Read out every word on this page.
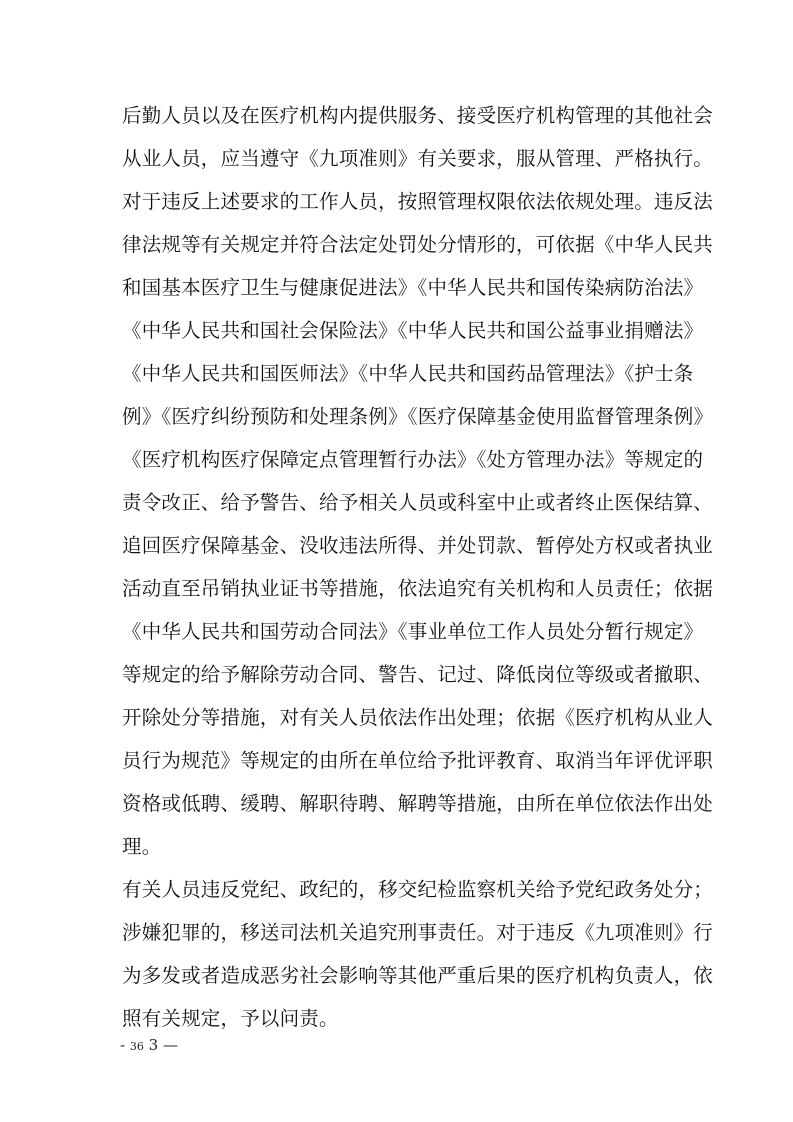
后勤人员以及在医疗机构内提供服务、接受医疗机构管理的其他社会
从业人员，应当遵守《九项准则》有关要求，服从管理、严格执行。
对于违反上述要求的工作人员，按照管理权限依法依规处理。违反法
律法规等有关规定并符合法定处罚处分情形的，可依据《中华人民共
和国基本医疗卫生与健康促进法》《中华人民共和国传染病防治法》
《中华人民共和国社会保险法》《中华人民共和国公益事业捐赠法》
《中华人民共和国医师法》《中华人民共和国药品管理法》《护士条
例》《医疗纠纷预防和处理条例》《医疗保障基金使用监督管理条例》
《医疗机构医疗保障定点管理暂行办法》《处方管理办法》等规定的
责令改正、给予警告、给予相关人员或科室中止或者终止医保结算、
追回医疗保障基金、没收违法所得、并处罚款、暂停处方权或者执业
活动直至吊销执业证书等措施，依法追究有关机构和人员责任；依据
《中华人民共和国劳动合同法》《事业单位工作人员处分暂行规定》
等规定的给予解除劳动合同、警告、记过、降低岗位等级或者撤职、
开除处分等措施，对有关人员依法作出处理；依据《医疗机构从业人
员行为规范》等规定的由所在单位给予批评教育、取消当年评优评职
资格或低聘、缓聘、解职待聘、解聘等措施，由所在单位依法作出处
理。
有关人员违反党纪、政纪的，移交纪检监察机关给予党纪政务处分；
涉嫌犯罪的，移送司法机关追究刑事责任。对于违反《九项准则》行
为多发或者造成恶劣社会影响等其他严重后果的医疗机构负责人，依
照有关规定，予以问责。
- 36 3 —
